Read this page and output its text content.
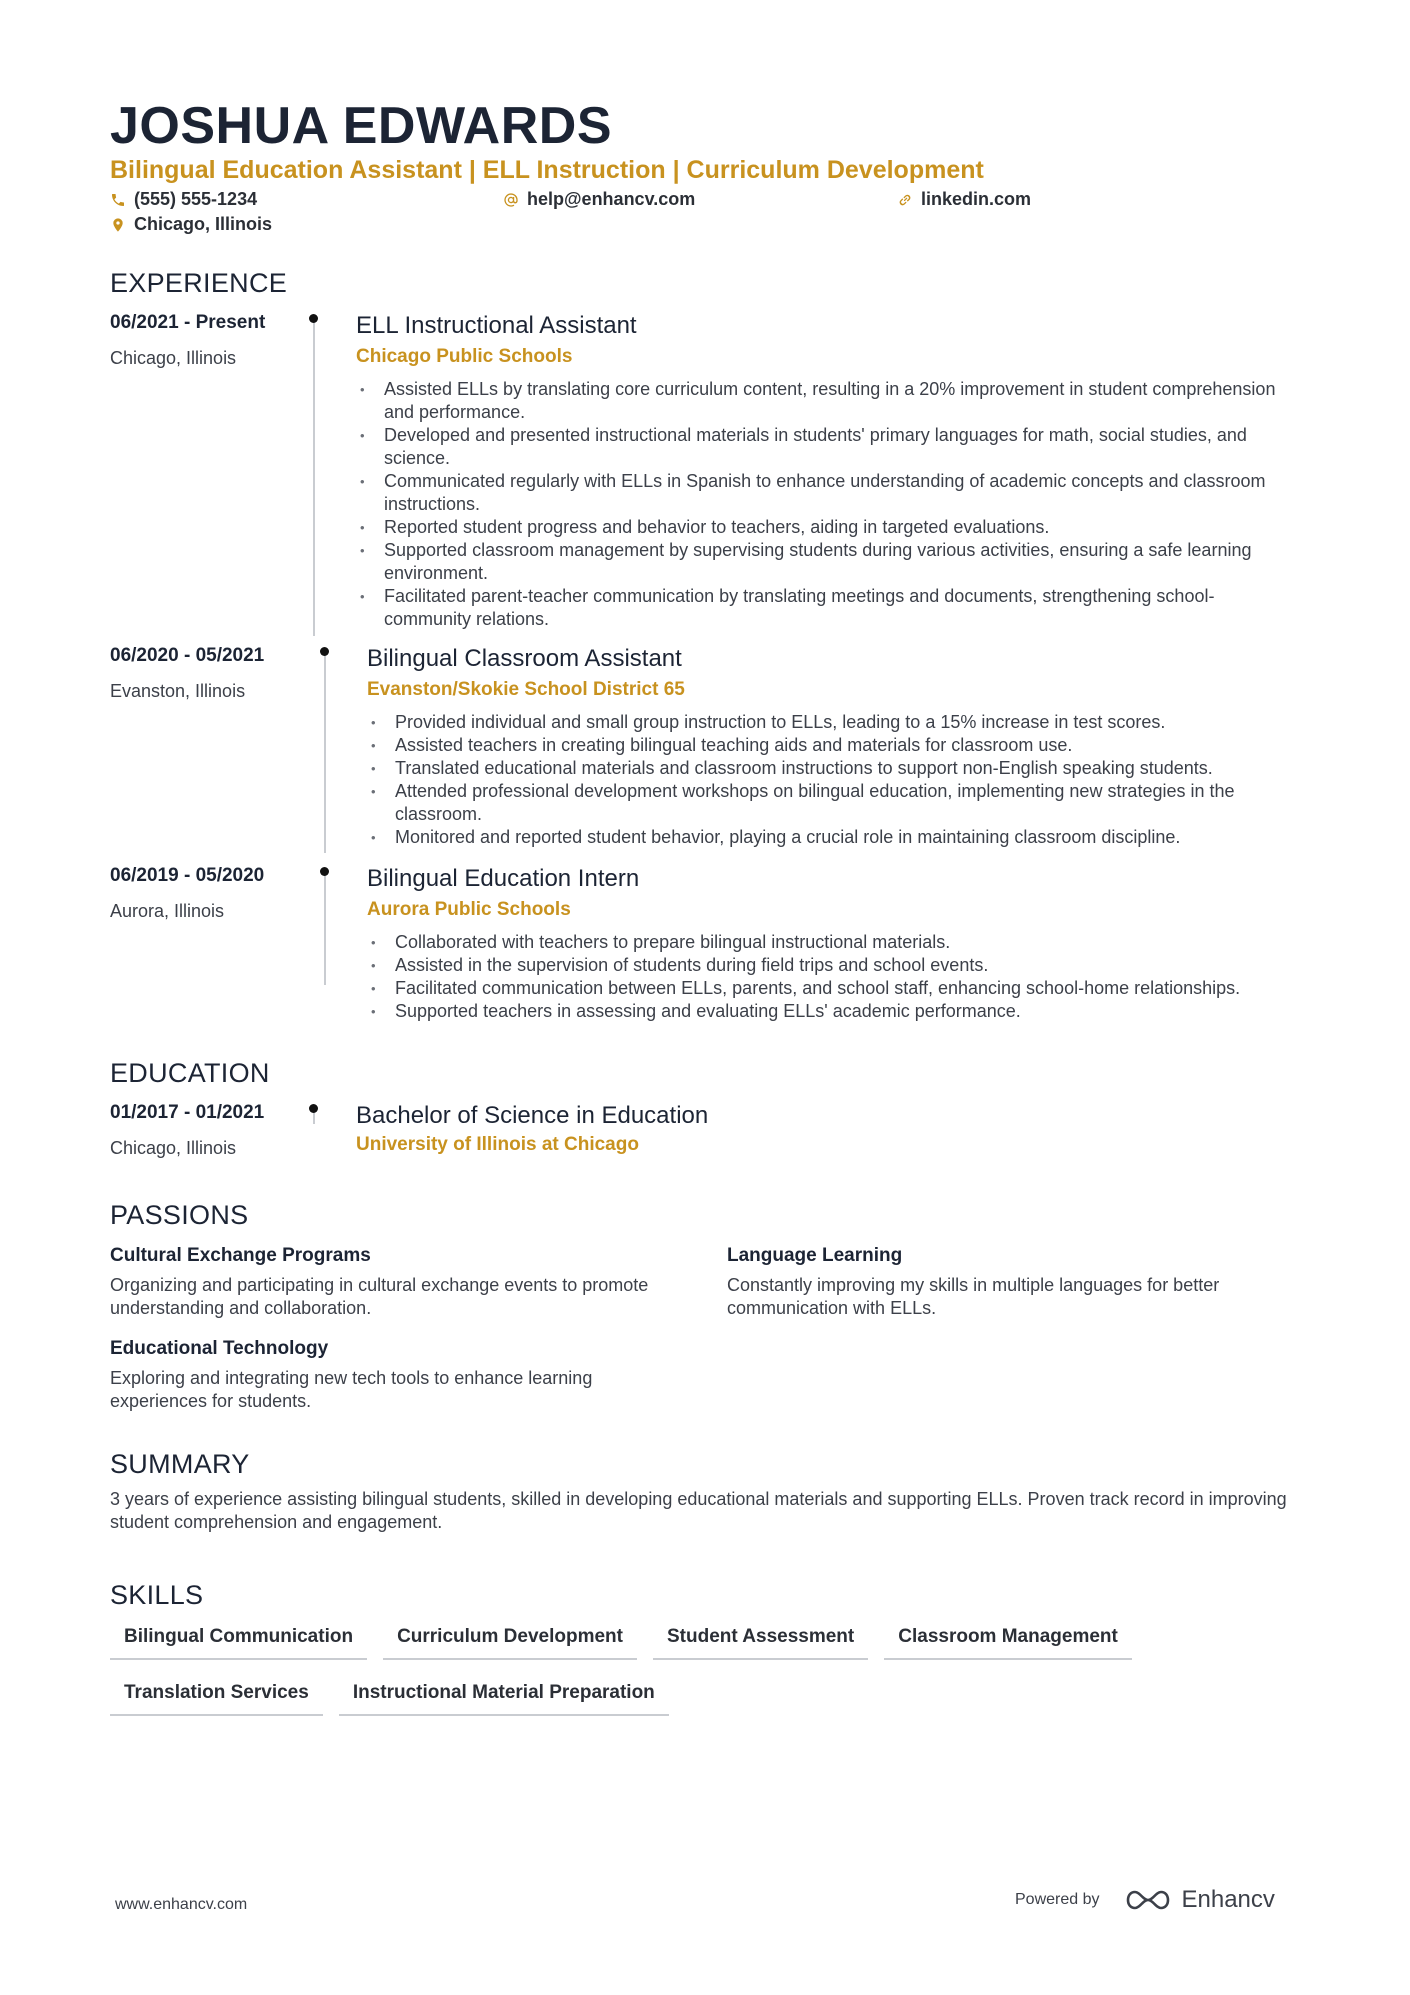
JOSHUA EDWARDS
Bilingual Education Assistant | ELL Instruction | Curriculum Development
(555) 555-1234	help@enhancv.com	linkedin.com
Chicago, Illinois
EXPERIENCE
06/2021 - Present
Chicago, Illinois
ELL Instructional Assistant
Chicago Public Schools
• Assisted ELLs by translating core curriculum content, resulting in a 20% improvement in student comprehension and performance.
• Developed and presented instructional materials in students' primary languages for math, social studies, and science.
• Communicated regularly with ELLs in Spanish to enhance understanding of academic concepts and classroom instructions.
• Reported student progress and behavior to teachers, aiding in targeted evaluations.
• Supported classroom management by supervising students during various activities, ensuring a safe learning environment.
• Facilitated parent-teacher communication by translating meetings and documents, strengthening school-community relations.
06/2020 - 05/2021
Evanston, Illinois
Bilingual Classroom Assistant
Evanston/Skokie School District 65
• Provided individual and small group instruction to ELLs, leading to a 15% increase in test scores.
• Assisted teachers in creating bilingual teaching aids and materials for classroom use.
• Translated educational materials and classroom instructions to support non-English speaking students.
• Attended professional development workshops on bilingual education, implementing new strategies in the classroom.
• Monitored and reported student behavior, playing a crucial role in maintaining classroom discipline.
06/2019 - 05/2020
Aurora, Illinois
Bilingual Education Intern
Aurora Public Schools
• Collaborated with teachers to prepare bilingual instructional materials.
• Assisted in the supervision of students during field trips and school events.
• Facilitated communication between ELLs, parents, and school staff, enhancing school-home relationships.
• Supported teachers in assessing and evaluating ELLs' academic performance.
EDUCATION
01/2017 - 01/2021
Chicago, Illinois
Bachelor of Science in Education
University of Illinois at Chicago
PASSIONS
Cultural Exchange Programs
Organizing and participating in cultural exchange events to promote understanding and collaboration.
Language Learning
Constantly improving my skills in multiple languages for better communication with ELLs.
Educational Technology
Exploring and integrating new tech tools to enhance learning experiences for students.
SUMMARY
3 years of experience assisting bilingual students, skilled in developing educational materials and supporting ELLs. Proven track record in improving student comprehension and engagement.
SKILLS
Bilingual Communication	Curriculum Development	Student Assessment	Classroom Management
Translation Services	Instructional Material Preparation
www.enhancv.com	Powered by	Enhancv
